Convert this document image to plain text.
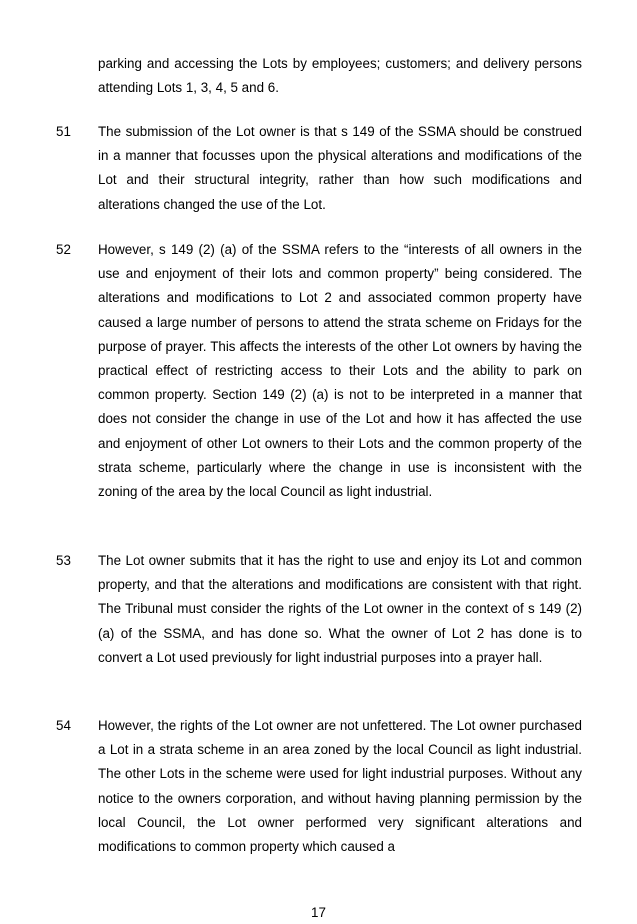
parking and accessing the Lots by employees; customers; and delivery persons attending Lots 1, 3, 4, 5 and 6.

51 The submission of the Lot owner is that s 149 of the SSMA should be construed in a manner that focusses upon the physical alterations and modifications of the Lot and their structural integrity, rather than how such modifications and alterations changed the use of the Lot.

52 However, s 149 (2) (a) of the SSMA refers to the “interests of all owners in the use and enjoyment of their lots and common property” being considered. The alterations and modifications to Lot 2 and associated common property have caused a large number of persons to attend the strata scheme on Fridays for the purpose of prayer. This affects the interests of the other Lot owners by having the practical effect of restricting access to their Lots and the ability to park on common property. Section 149 (2) (a) is not to be interpreted in a manner that does not consider the change in use of the Lot and how it has affected the use and enjoyment of other Lot owners to their Lots and the common property of the strata scheme, particularly where the change in use is inconsistent with the zoning of the area by the local Council as light industrial.

53 The Lot owner submits that it has the right to use and enjoy its Lot and common property, and that the alterations and modifications are consistent with that right. The Tribunal must consider the rights of the Lot owner in the context of s 149 (2) (a) of the SSMA, and has done so. What the owner of Lot 2 has done is to convert a Lot used previously for light industrial purposes into a prayer hall.

54 However, the rights of the Lot owner are not unfettered. The Lot owner purchased a Lot in a strata scheme in an area zoned by the local Council as light industrial. The other Lots in the scheme were used for light industrial purposes. Without any notice to the owners corporation, and without having planning permission by the local Council, the Lot owner performed very significant alterations and modifications to common property which caused a

17
